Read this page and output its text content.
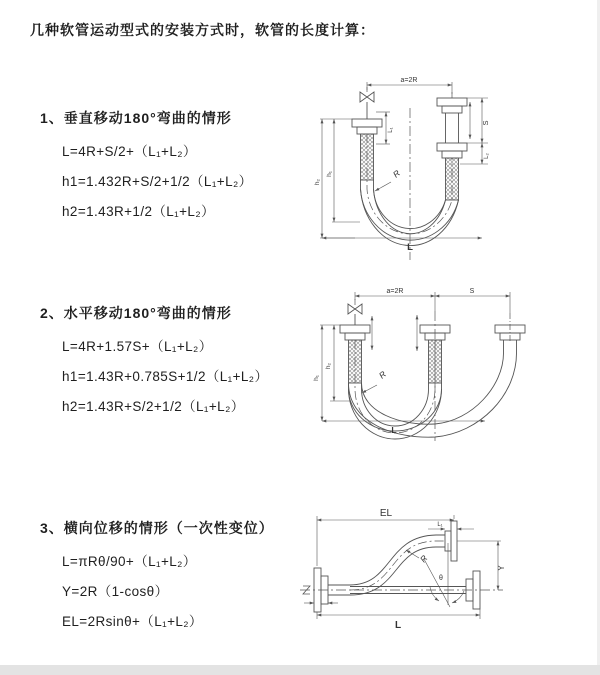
几种软管运动型式的安装方式时，软管的长度计算：
1、垂直移动180°弯曲的情形
L=4R+S/2+（L₁+L₂）
h1=1.432R+S/2+1/2（L₁+L₂）
h2=1.43R+1/2（L₁+L₂）
a=2R
h₂
h₁
L₁
S
L₂
R
L
2、水平移动180°弯曲的情形
L=4R+1.57S+（L₁+L₂）
h1=1.43R+0.785S+1/2（L₁+L₂）
h2=1.43R+S/2+1/2（L₁+L₂）
a=2R	S
h₁
h₂
R
L
3、横向位移的情形（一次性变位）
L=πRθ/90+（L₁+L₂）
Y=2R（1-cosθ）
EL=2Rsinθ+（L₁+L₂）
EL
L₁
Y
R
θ
L
